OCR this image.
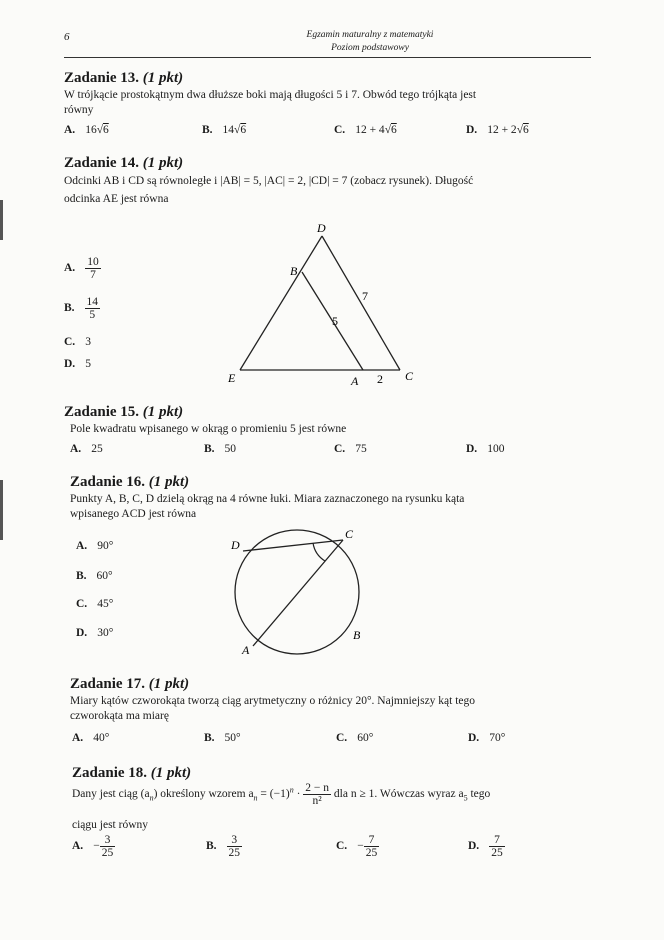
6	Egzamin maturalny z matematyki
Poziom podstawowy
Zadanie 13. (1 pkt)
W trójkącie prostokątnym dwa dłuższe boki mają długości 5 i 7. Obwód tego trójkąta jest
równy
A. 16√6	B. 14√6	C. 12 + 4√6	D. 12 + 2√6
Zadanie 14. (1 pkt)
Odcinki AB i CD są równoległe i |AB| = 5, |AC| = 2, |CD| = 7 (zobacz rysunek). Długość
odcinka AE jest równa
A. $\frac{10}{7}$
B. $\frac{14}{5}$
C. 3
D. 5
D
B
E	A	C
5
7
2
Zadanie 15. (1 pkt)
Pole kwadratu wpisanego w okrąg o promieniu 5 jest równe
A. 25	B. 50	C. 75	D. 100
Zadanie 16. (1 pkt)
Punkty A, B, C, D dzielą okrąg na 4 równe łuki. Miara zaznaczonego na rysunku kąta
wpisanego ACD jest równa
A. 90°
B. 60°
C. 45°
D. 30°
D
C
A
B
Zadanie 17. (1 pkt)
Miary kątów czworokąta tworzą ciąg arytmetyczny o różnicy 20°. Najmniejszy kąt tego
czworokąta ma miarę
A. 40°	B. 50°	C. 60°	D. 70°
Zadanie 18. (1 pkt)
Dany jest ciąg $(a_n)$ określony wzorem $a_n = (-1)^n \cdot \frac{2 - n}{\text{n²}}$ dla n ≥ 1. Wówczas wyraz $a_5$ tego
ciągu jest równy
A. − $\frac{3}{25}$	B. $\frac{3}{25}$	C. − $\frac{7}{25}$	D. $\frac{7}{25}$
